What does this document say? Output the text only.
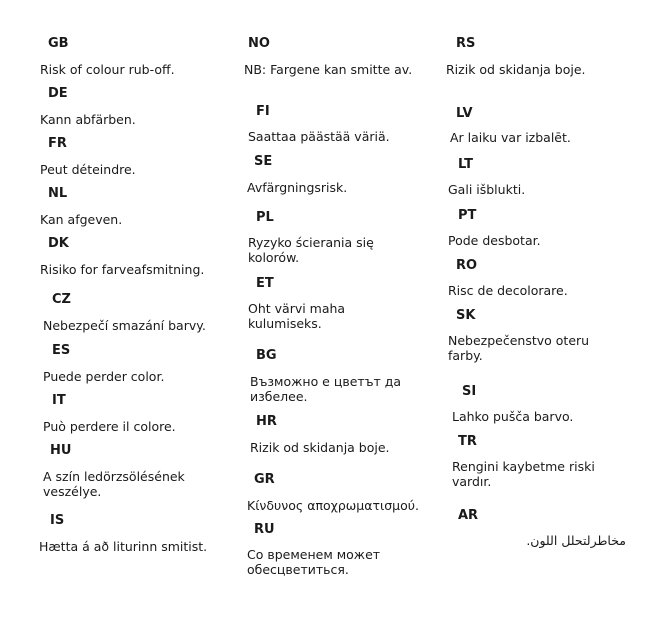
GB
Risk of colour rub-off.
DE
Kann abfärben.
FR
Peut déteindre.
NL
Kan afgeven.
DK
Risiko for farveafsmitning.
CZ
Nebezpečí smazání barvy.
ES
Puede perder color.
IT
Può perdere il colore.
HU
A szín ledörzsölésének veszélye.
IS
Hætta á að liturinn smitist.
NO
NB: Fargene kan smitte av.
FI
Saattaa päästää väriä.
SE
Avfärgningsrisk.
PL
Ryzyko ścierania się kolorów.
ET
Oht värvi maha kulumiseks.
BG
Възможно е цветът да избелее.
HR
Rizik od skidanja boje.
GR
Κίνδυνος αποχρωματισμού.
RU
Со временем может обесцветиться.
RS
Rizik od skidanja boje.
LV
Ar laiku var izbalēt.
LT
Gali išblukti.
PT
Pode desbotar.
RO
Risc de decolorare.
SK
Nebezpečenstvo oteru farby.
SI
Lahko pušča barvo.
TR
Rengini kaybetme riski vardır.
AR
مخاطرلتحلل اللون.
